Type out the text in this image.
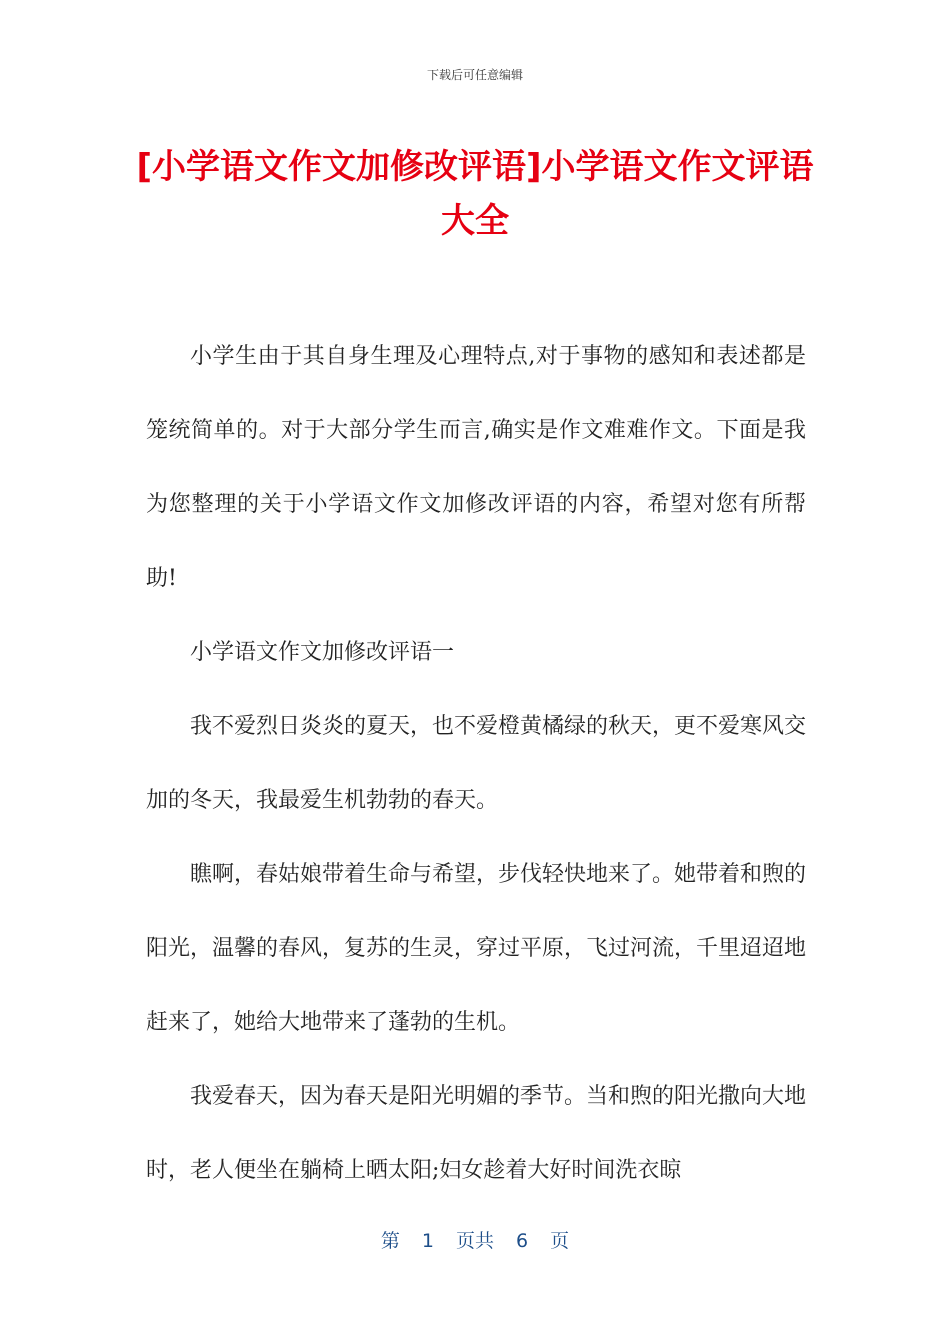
下载后可任意编辑
[小学语文作文加修改评语]小学语文作文评语大全

小学生由于其自身生理及心理特点,对于事物的感知和表述都是笼统简单的。对于大部分学生而言,确实是作文难难作文。下面是我为您整理的关于小学语文作文加修改评语的内容，希望对您有所帮助!

小学语文作文加修改评语一

我不爱烈日炎炎的夏天，也不爱橙黄橘绿的秋天，更不爱寒风交加的冬天，我最爱生机勃勃的春天。

瞧啊，春姑娘带着生命与希望，步伐轻快地来了。她带着和煦的阳光，温馨的春风，复苏的生灵，穿过平原，飞过河流，千里迢迢地赶来了，她给大地带来了蓬勃的生机。

我爱春天，因为春天是阳光明媚的季节。当和煦的阳光撒向大地时，老人便坐在躺椅上晒太阳;妇女趁着大好时间洗衣晾

第 1 页共 6 页
